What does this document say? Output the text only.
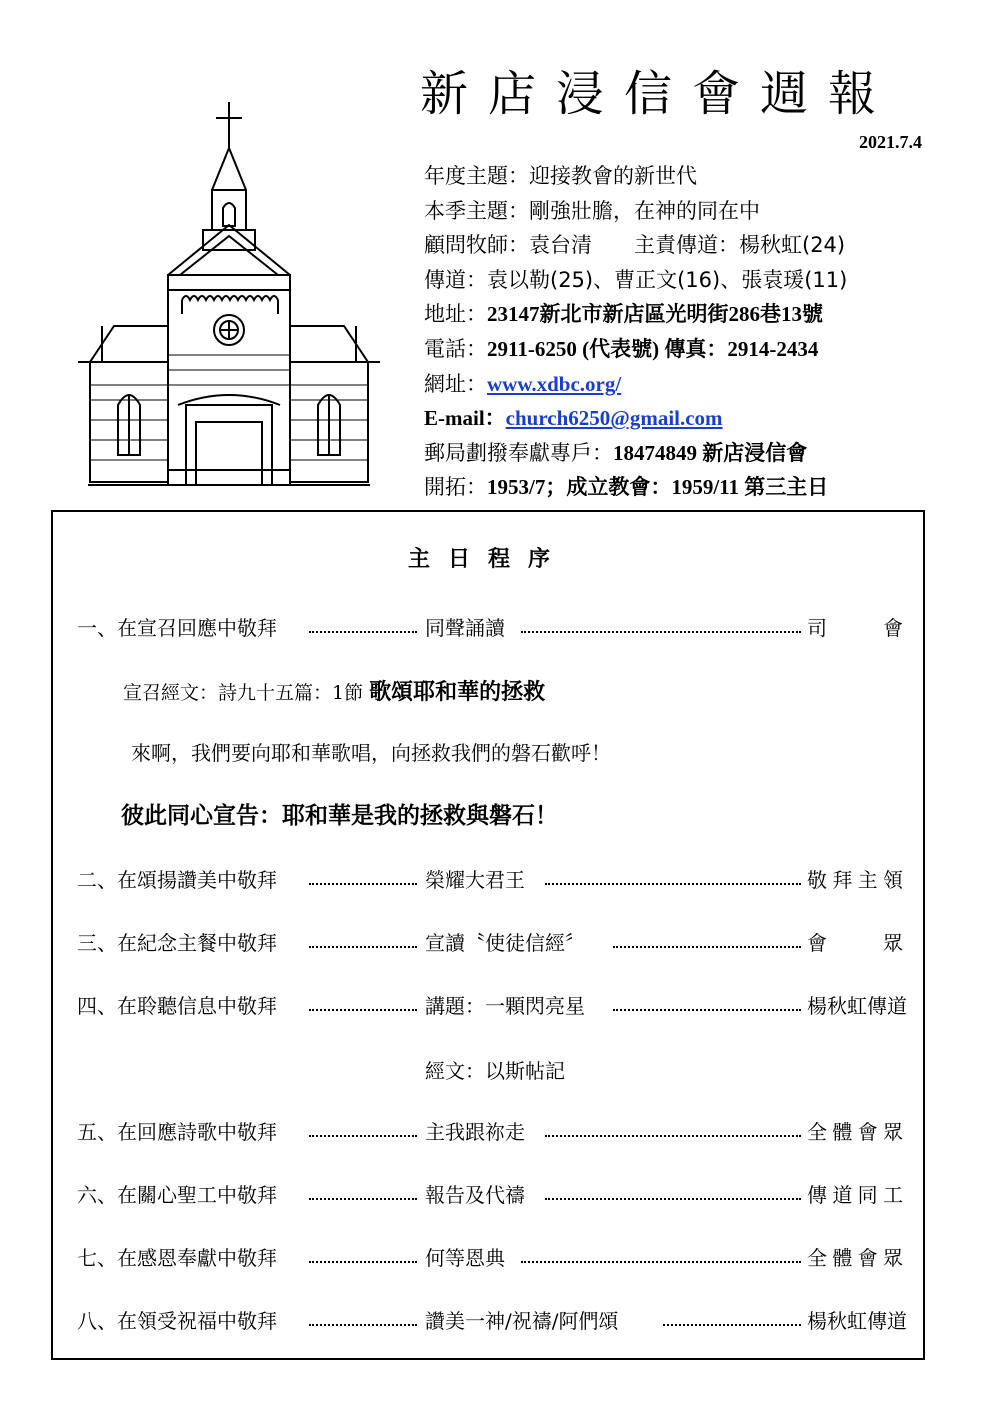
新店浸信會週報
2021.7.4
年度主題：迎接教會的新世代
本季主題：剛強壯膽，在神的同在中
顧問牧師：袁台清　　主責傳道：楊秋虹(24)
傳道：袁以勒(25)、曹正文(16)、張袁瑗(11)
地址：23147新北市新店區光明街286巷13號
電話：2911-6250 (代表號) 傳真：2914-2434
網址：www.xdbc.org/
E-mail：church6250@gmail.com
郵局劃撥奉獻專戶：18474849 新店浸信會
開拓：1953/7；成立教會：1959/11 第三主日
主日程序
一、在宣召回應中敬拜	同聲誦讀	司會
宣召經文：詩九十五篇：1節 歌頌耶和華的拯救
來啊，我們要向耶和華歌唱，向拯救我們的磐石歡呼！
彼此同心宣告：耶和華是我的拯救與磐石！
二、在頌揚讚美中敬拜	榮耀大君王	敬拜主領
三、在紀念主餐中敬拜	宣讀〝使徒信經〞	會眾
四、在聆聽信息中敬拜	講題：一顆閃亮星	楊秋虹傳道
經文：以斯帖記
五、在回應詩歌中敬拜	主我跟祢走	全體會眾
六、在關心聖工中敬拜	報告及代禱	傳道同工
七、在感恩奉獻中敬拜	何等恩典	全體會眾
八、在領受祝福中敬拜	讚美一神/祝禱/阿們頌	楊秋虹傳道
